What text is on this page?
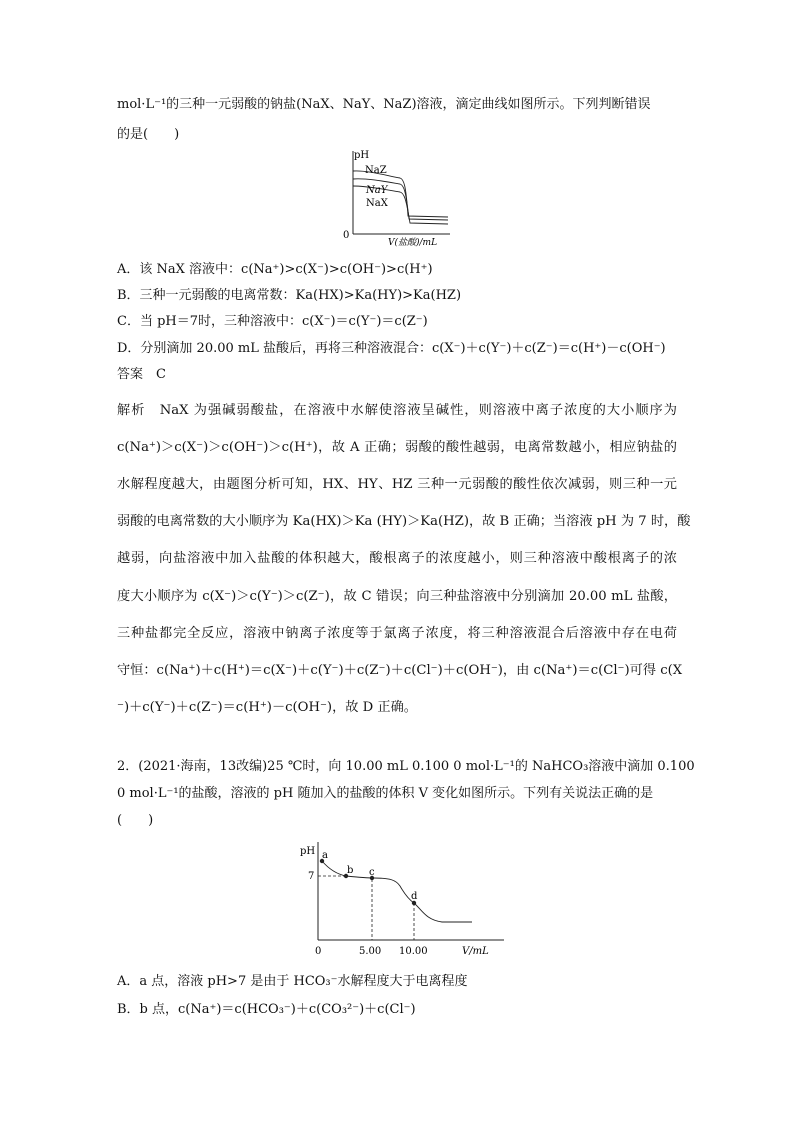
mol·L⁻¹的三种一元弱酸的钠盐(NaX、NaY、NaZ)溶液，滴定曲线如图所示。下列判断错误
的是(　　)
pH
0
V(盐酸)/mL
NaZ
NaY
NaX
A．该 NaX 溶液中：c(Na⁺)>c(X⁻)>c(OH⁻)>c(H⁺)
B．三种一元弱酸的电离常数：Ka(HX)>Ka(HY)>Ka(HZ)
C．当 pH＝7时，三种溶液中：c(X⁻)＝c(Y⁻)＝c(Z⁻)
D．分别滴加 20.00 mL 盐酸后，再将三种溶液混合：c(X⁻)＋c(Y⁻)＋c(Z⁻)＝c(H⁺)－c(OH⁻)
答案　C
解析　NaX 为强碱弱酸盐，在溶液中水解使溶液呈碱性，则溶液中离子浓度的大小顺序为
c(Na⁺)＞c(X⁻)＞c(OH⁻)＞c(H⁺)，故 A 正确；弱酸的酸性越弱，电离常数越小，相应钠盐的
水解程度越大，由题图分析可知，HX、HY、HZ 三种一元弱酸的酸性依次减弱，则三种一元
弱酸的电离常数的大小顺序为 Ka(HX)＞Ka (HY)＞Ka(HZ)，故 B 正确；当溶液 pH 为 7 时，酸
越弱，向盐溶液中加入盐酸的体积越大，酸根离子的浓度越小，则三种溶液中酸根离子的浓
度大小顺序为 c(X⁻)＞c(Y⁻)＞c(Z⁻)，故 C 错误；向三种盐溶液中分别滴加 20.00 mL 盐酸，
三种盐都完全反应，溶液中钠离子浓度等于氯离子浓度，将三种溶液混合后溶液中存在电荷
守恒：c(Na⁺)＋c(H⁺)＝c(X⁻)＋c(Y⁻)＋c(Z⁻)＋c(Cl⁻)＋c(OH⁻)，由 c(Na⁺)＝c(Cl⁻)可得 c(X
⁻)＋c(Y⁻)＋c(Z⁻)＝c(H⁺)－c(OH⁻)，故 D 正确。
2．(2021·海南，13改编)25 ℃时，向 10.00 mL 0.100 0 mol·L⁻¹的 NaHCO₃溶液中滴加 0.100
0 mol·L⁻¹的盐酸，溶液的 pH 随加入的盐酸的体积 V 变化如图所示。下列有关说法正确的是
(　　)
pH
7
0	5.00 10.00	V/mL
a
b c
d
A．a 点，溶液 pH>7 是由于 HCO₃⁻水解程度大于电离程度
B．b 点，c(Na⁺)＝c(HCO₃⁻)＋c(CO₃²⁻)＋c(Cl⁻)
